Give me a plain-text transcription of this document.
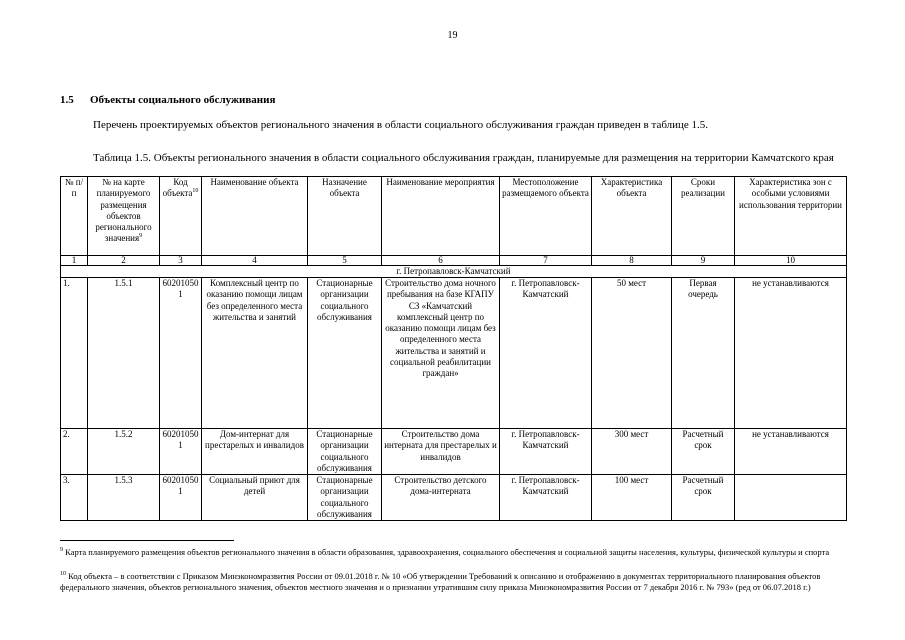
19
1.5 Объекты социального обслуживания
Перечень проектируемых объектов регионального значения в области социального обслуживания граждан приведен в таблице 1.5.
Таблица 1.5. Объекты регионального значения в области социального обслуживания граждан, планируемые для размещения на территории Камчатского края
№ п/п	№ на карте планируемого размещения объектов регионального значения$^9$	Код объекта$^{10}$	Наименование объекта	Назначение объекта	Наименование мероприятия	Местоположение размещаемого объекта	Характеристика объекта	Сроки реализации	Характеристика зон с особыми условиями использования территории
1	2	3	4	5	6	7	8	9	10
г. Петропавловск-Камчатский									
1.	1.5.1	602010501	Комплексный центр по оказанию помощи лицам без определенного места жительства и занятий	Стационарные организации социального обслуживания	Строительство дома ночного пребывания на базе КГАПУ СЗ «Камчатский комплексный центр по оказанию помощи лицам без определенного места жительства и занятий и социальной реабилитации граждан»	г. Петропавловск-Камчатский	50 мест	Первая очередь	не устанавливаются
2.	1.5.2	602010501	Дом-интернат для престарелых и инвалидов	Стационарные организации социального обслуживания	Строительство дома интерната для престарелых и инвалидов	г. Петропавловск-Камчатский	300 мест	Расчетный срок	не устанавливаются
3.	1.5.3	602010501	Социальный приют для детей	Стационарные организации социального обслуживания	Строительство детского дома-интерната	г. Петропавловск-Камчатский	100 мест	Расчетный срок	
$^9$ Карта планируемого размещения объектов регионального значения в области образования, здравоохранения, социального обеспечения и социальной защиты населения, культуры, физической культуры и спорта
$^{10}$ Код объекта – в соответствии с Приказом Минэкономразвития России от 09.01.2018 г. № 10 «Об утверждении Требований к описанию и отображению в документах территориального планирования объектов федерального значения, объектов регионального значения, объектов местного значения и о признании утратившим силу приказа Минэкономразвития России от 7 декабря 2016 г. № 793» (ред от 06.07.2018 г.)
